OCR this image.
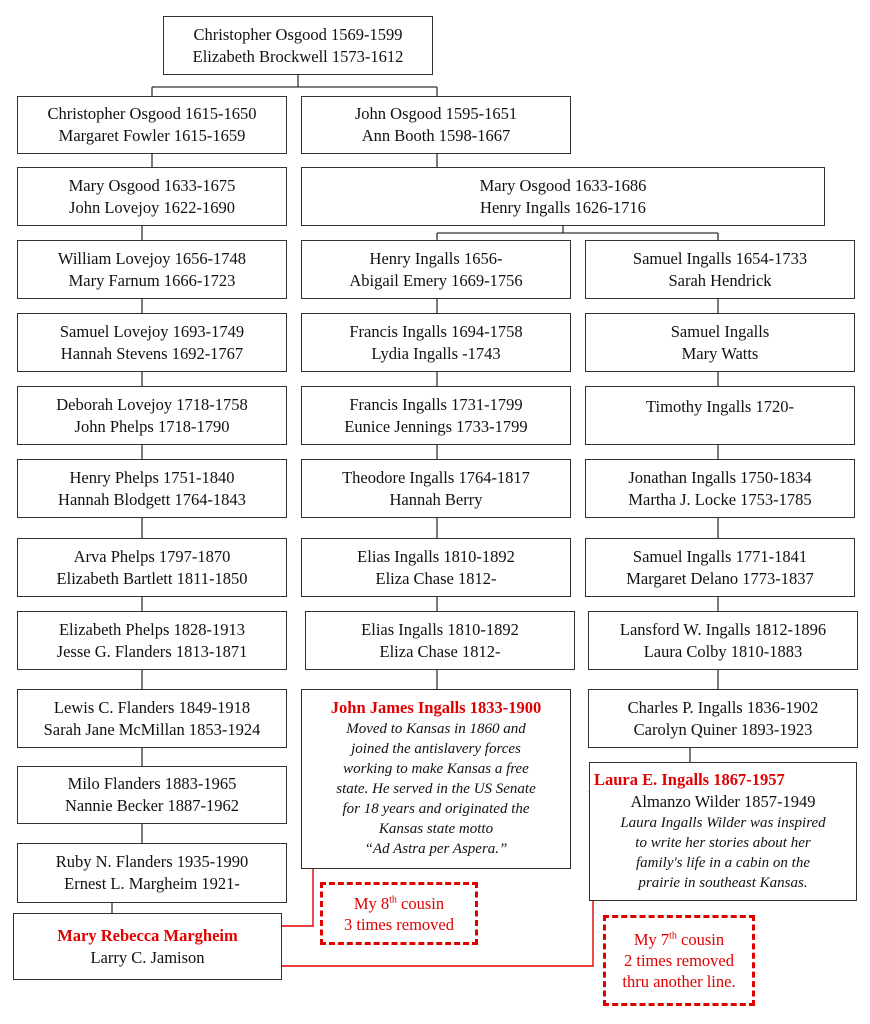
Christopher Osgood 1569-1599
Elizabeth Brockwell 1573-1612
Christopher Osgood 1615-1650
Margaret Fowler 1615-1659
John Osgood 1595-1651
Ann Booth 1598-1667
Mary Osgood 1633-1675
John Lovejoy 1622-1690
Mary Osgood 1633-1686
Henry Ingalls 1626-1716
William Lovejoy 1656-1748
Mary Farnum 1666-1723
Samuel Lovejoy 1693-1749
Hannah Stevens 1692-1767
Deborah Lovejoy 1718-1758
John Phelps 1718-1790
Henry Phelps 1751-1840
Hannah Blodgett 1764-1843
Arva Phelps 1797-1870
Elizabeth Bartlett 1811-1850
Elizabeth Phelps 1828-1913
Jesse G. Flanders 1813-1871
Lewis C. Flanders 1849-1918
Sarah Jane McMillan 1853-1924
Milo Flanders 1883-1965
Nannie Becker 1887-1962
Ruby N. Flanders 1935-1990
Ernest L. Margheim 1921-
Mary Rebecca Margheim
Larry C. Jamison
Henry Ingalls 1656-
Abigail Emery 1669-1756
Francis Ingalls 1694-1758
Lydia Ingalls -1743
Francis Ingalls 1731-1799
Eunice Jennings 1733-1799
Theodore Ingalls 1764-1817
Hannah Berry
Elias Ingalls 1810-1892
Eliza Chase 1812-
Elias Ingalls 1810-1892
Eliza Chase 1812-
John James Ingalls 1833-1900
Moved to Kansas in 1860 and
joined the antislavery forces
working to make Kansas a free
state. He served in the US Senate
for 18 years and originated the
Kansas state motto
“Ad Astra per Aspera.”
Samuel Ingalls 1654-1733
Sarah Hendrick
Samuel Ingalls
Mary Watts
Timothy Ingalls 1720-
Jonathan Ingalls 1750-1834
Martha J. Locke 1753-1785
Samuel Ingalls 1771-1841
Margaret Delano 1773-1837
Lansford W. Ingalls 1812-1896
Laura Colby 1810-1883
Charles P. Ingalls 1836-1902
Carolyn Quiner 1893-1923
Laura E. Ingalls 1867-1957
Almanzo Wilder 1857-1949
Laura Ingalls Wilder was inspired
to write her stories about her
family's life in a cabin on the
prairie in southeast Kansas.
My 8th cousin
3 times removed
My 7th cousin
2 times removed
thru another line.
